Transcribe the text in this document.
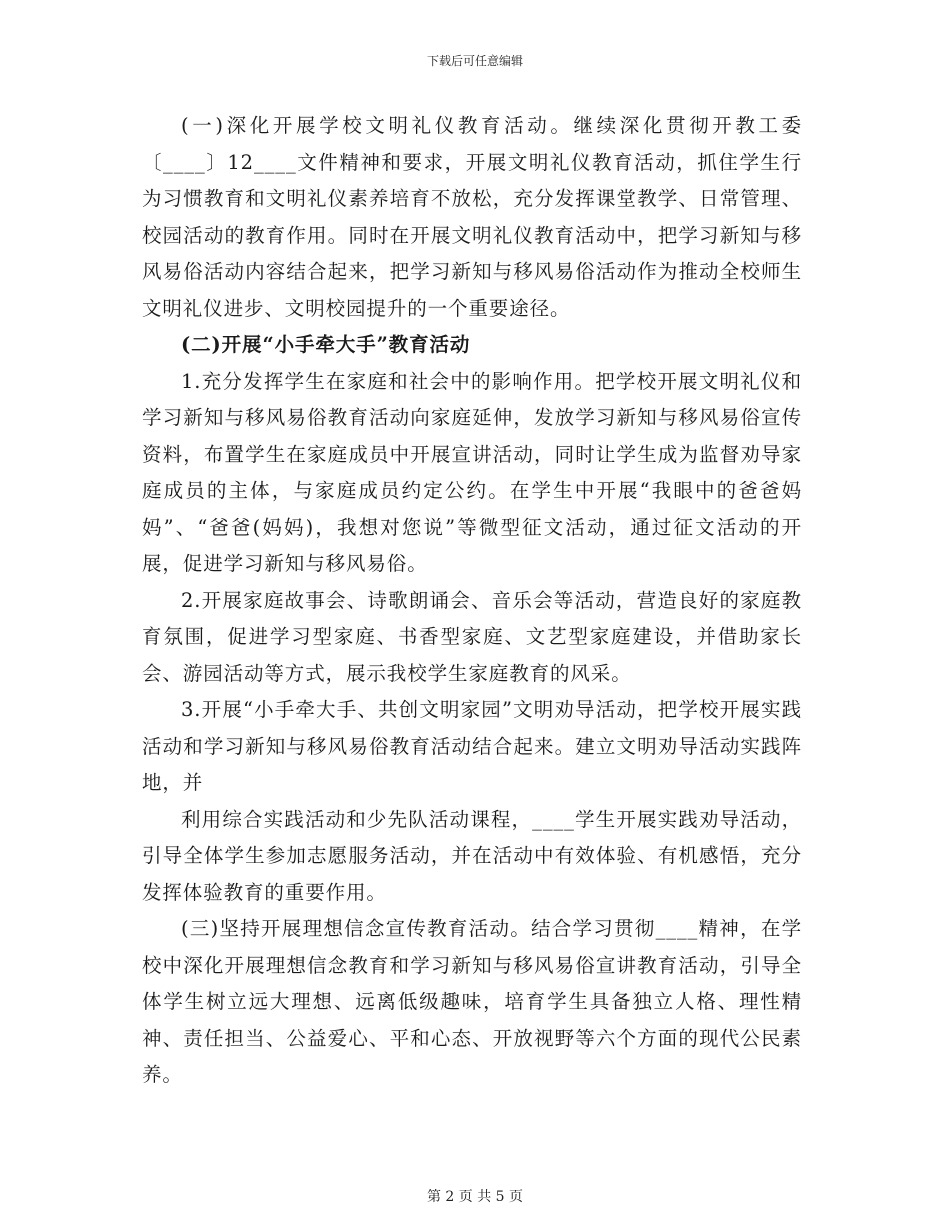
下载后可任意编辑

(一)深化开展学校文明礼仪教育活动。继续深化贯彻开教工委〔____〕12____文件精神和要求，开展文明礼仪教育活动，抓住学生行为习惯教育和文明礼仪素养培育不放松，充分发挥课堂教学、日常管理、校园活动的教育作用。同时在开展文明礼仪教育活动中，把学习新知与移风易俗活动内容结合起来，把学习新知与移风易俗活动作为推动全校师生文明礼仪进步、文明校园提升的一个重要途径。

(二)开展“小手牵大手”教育活动

1.充分发挥学生在家庭和社会中的影响作用。把学校开展文明礼仪和学习新知与移风易俗教育活动向家庭延伸，发放学习新知与移风易俗宣传资料，布置学生在家庭成员中开展宣讲活动，同时让学生成为监督劝导家庭成员的主体，与家庭成员约定公约。在学生中开展“我眼中的爸爸妈妈”、“爸爸(妈妈)，我想对您说”等微型征文活动，通过征文活动的开展，促进学习新知与移风易俗。

2.开展家庭故事会、诗歌朗诵会、音乐会等活动，营造良好的家庭教育氛围，促进学习型家庭、书香型家庭、文艺型家庭建设，并借助家长会、游园活动等方式，展示我校学生家庭教育的风采。

3.开展“小手牵大手、共创文明家园”文明劝导活动，把学校开展实践活动和学习新知与移风易俗教育活动结合起来。建立文明劝导活动实践阵地，并

利用综合实践活动和少先队活动课程，____学生开展实践劝导活动，引导全体学生参加志愿服务活动，并在活动中有效体验、有机感悟，充分发挥体验教育的重要作用。

(三)坚持开展理想信念宣传教育活动。结合学习贯彻____精神，在学校中深化开展理想信念教育和学习新知与移风易俗宣讲教育活动，引导全体学生树立远大理想、远离低级趣味，培育学生具备独立人格、理性精神、责任担当、公益爱心、平和心态、开放视野等六个方面的现代公民素养。

第 2 页 共 5 页
